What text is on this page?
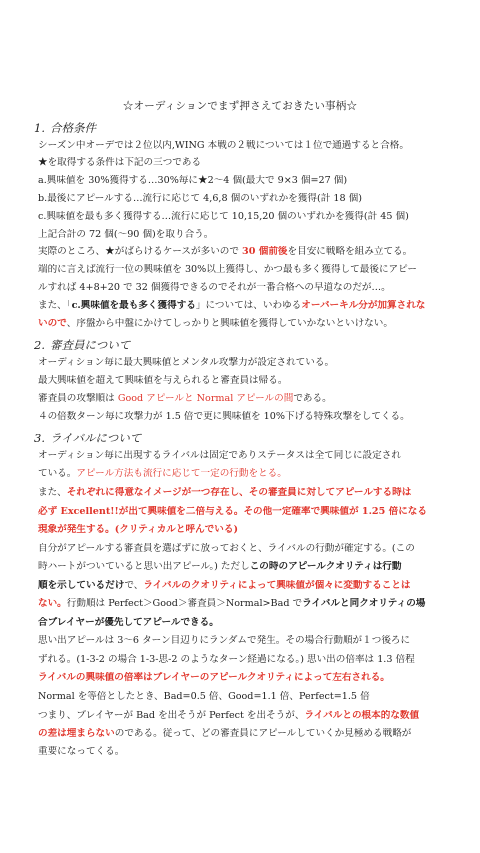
☆オーディションでまず押さえておきたい事柄☆
1. 合格条件
シーズン中オーデでは２位以内,WING 本戦の２戦については１位で通過すると合格。
★を取得する条件は下記の三つである
a.興味値を 30%獲得する…30%毎に★2〜4 個(最大で 9×3 個=27 個)
b.最後にアピールする…流行に応じて 4,6,8 個のいずれかを獲得(計 18 個)
c.興味値を最も多く獲得する…流行に応じて 10,15,20 個のいずれかを獲得(計 45 個)
上記合計の 72 個(〜90 個)を取り合う。
実際のところ、★がばらけるケースが多いので 30 個前後を目安に戦略を組み立てる。
端的に言えば流行一位の興味値を 30%以上獲得し、かつ最も多く獲得して最後にアピー
ルすれば 4+8+20 で 32 個獲得できるのでそれが一番合格への早道なのだが…。
また、「c.興味値を最も多く獲得する」については、いわゆるオーバーキル分が加算されな
いので、序盤から中盤にかけてしっかりと興味値を獲得していかないといけない。
2. 審査員について
オーディション毎に最大興味値とメンタル攻撃力が設定されている。
最大興味値を超えて興味値を与えられると審査員は帰る。
審査員の攻撃順は Good アピールと Normal アピールの間である。
４の倍数ターン毎に攻撃力が 1.5 倍で更に興味値を 10%下げる特殊攻撃をしてくる。
3. ライバルについて
オーディション毎に出現するライバルは固定でありステータスは全て同じに設定され
ている。アピール方法も流行に応じて一定の行動をとる。
また、それぞれに得意なイメージが一つ存在し、その審査員に対してアピールする時は
必ず Excellent!!が出て興味値を二倍与える。その他一定確率で興味値が 1.25 倍になる
現象が発生する。(クリティカルと呼んでいる)
自分がアピールする審査員を選ばずに放っておくと、ライバルの行動が確定する。(この
時ハートがついていると思い出アピール。) ただしこの時のアピールクオリティは行動
順を示しているだけで、ライバルのクオリティによって興味値が個々に変動することは
ない。行動順は Perfect＞Good＞審査員＞Normal>Bad でライバルと同クオリティの場
合プレイヤーが優先してアピールできる。
思い出アピールは 3〜6 ターン目辺りにランダムで発生。その場合行動順が１つ後ろに
ずれる。(1-3-2 の場合 1-3-思-2 のようなターン経過になる。) 思い出の倍率は 1.3 倍程
ライバルの興味値の倍率はプレイヤーのアピールクオリティによって左右される。
Normal を等倍としたとき、Bad=0.5 倍、Good=1.1 倍、Perfect=1.5 倍
つまり、プレイヤーが Bad を出そうが Perfect を出そうが、ライバルとの根本的な数値
の差は埋まらないのである。従って、どの審査員にアピールしていくか見極める戦略が
重要になってくる。
